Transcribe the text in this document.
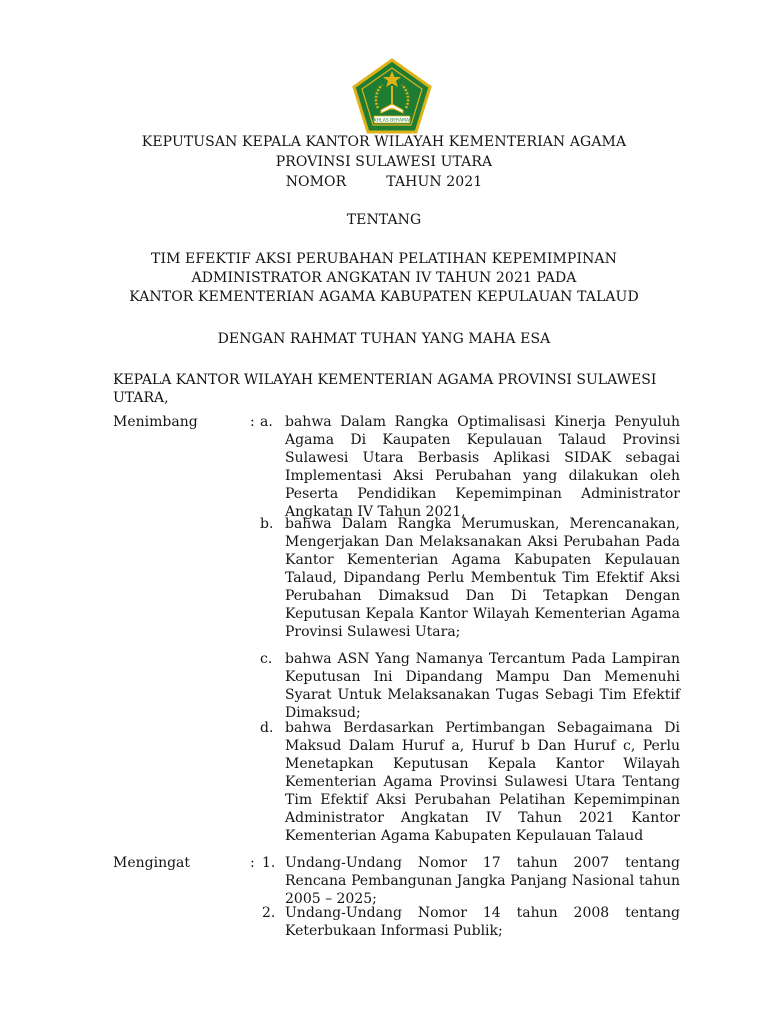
IKHLAS BERAMAL
KEPUTUSAN KEPALA KANTOR WILAYAH KEMENTERIAN AGAMA
PROVINSI SULAWESI UTARA
NOMOR	TAHUN 2021
TENTANG
TIM EFEKTIF AKSI PERUBAHAN PELATIHAN KEPEMIMPINAN
ADMINISTRATOR ANGKATAN IV TAHUN 2021 PADA
KANTOR KEMENTERIAN AGAMA KABUPATEN KEPULAUAN TALAUD
DENGAN RAHMAT TUHAN YANG MAHA ESA
KEPALA KANTOR WILAYAH KEMENTERIAN AGAMA PROVINSI SULAWESI UTARA,
Menimbang	: a. bahwa Dalam Rangka Optimalisasi Kinerja Penyuluh Agama Di Kaupaten Kepulauan Talaud Provinsi Sulawesi Utara Berbasis Aplikasi SIDAK sebagai Implementasi Aksi Perubahan yang dilakukan oleh Peserta Pendidikan Kepemimpinan Administrator Angkatan IV Tahun 2021,
b. bahwa Dalam Rangka Merumuskan, Merencanakan, Mengerjakan Dan Melaksanakan Aksi Perubahan Pada Kantor Kementerian Agama Kabupaten Kepulauan Talaud, Dipandang Perlu Membentuk Tim Efektif Aksi Perubahan Dimaksud Dan Di Tetapkan Dengan Keputusan Kepala Kantor Wilayah Kementerian Agama Provinsi Sulawesi Utara;
c. bahwa ASN Yang Namanya Tercantum Pada Lampiran Keputusan Ini Dipandang Mampu Dan Memenuhi Syarat Untuk Melaksanakan Tugas Sebagi Tim Efektif Dimaksud;
d. bahwa Berdasarkan Pertimbangan Sebagaimana Di Maksud Dalam Huruf a, Huruf b Dan Huruf c, Perlu Menetapkan Keputusan Kepala Kantor Wilayah Kementerian Agama Provinsi Sulawesi Utara Tentang Tim Efektif Aksi Perubahan Pelatihan Kepemimpinan Administrator Angkatan IV Tahun 2021 Kantor Kementerian Agama Kabupaten Kepulauan Talaud
Mengingat	: 1. Undang-Undang Nomor 17 tahun 2007 tentang Rencana Pembangunan Jangka Panjang Nasional tahun 2005 – 2025;
2. Undang-Undang Nomor 14 tahun 2008 tentang Keterbukaan Informasi Publik;
